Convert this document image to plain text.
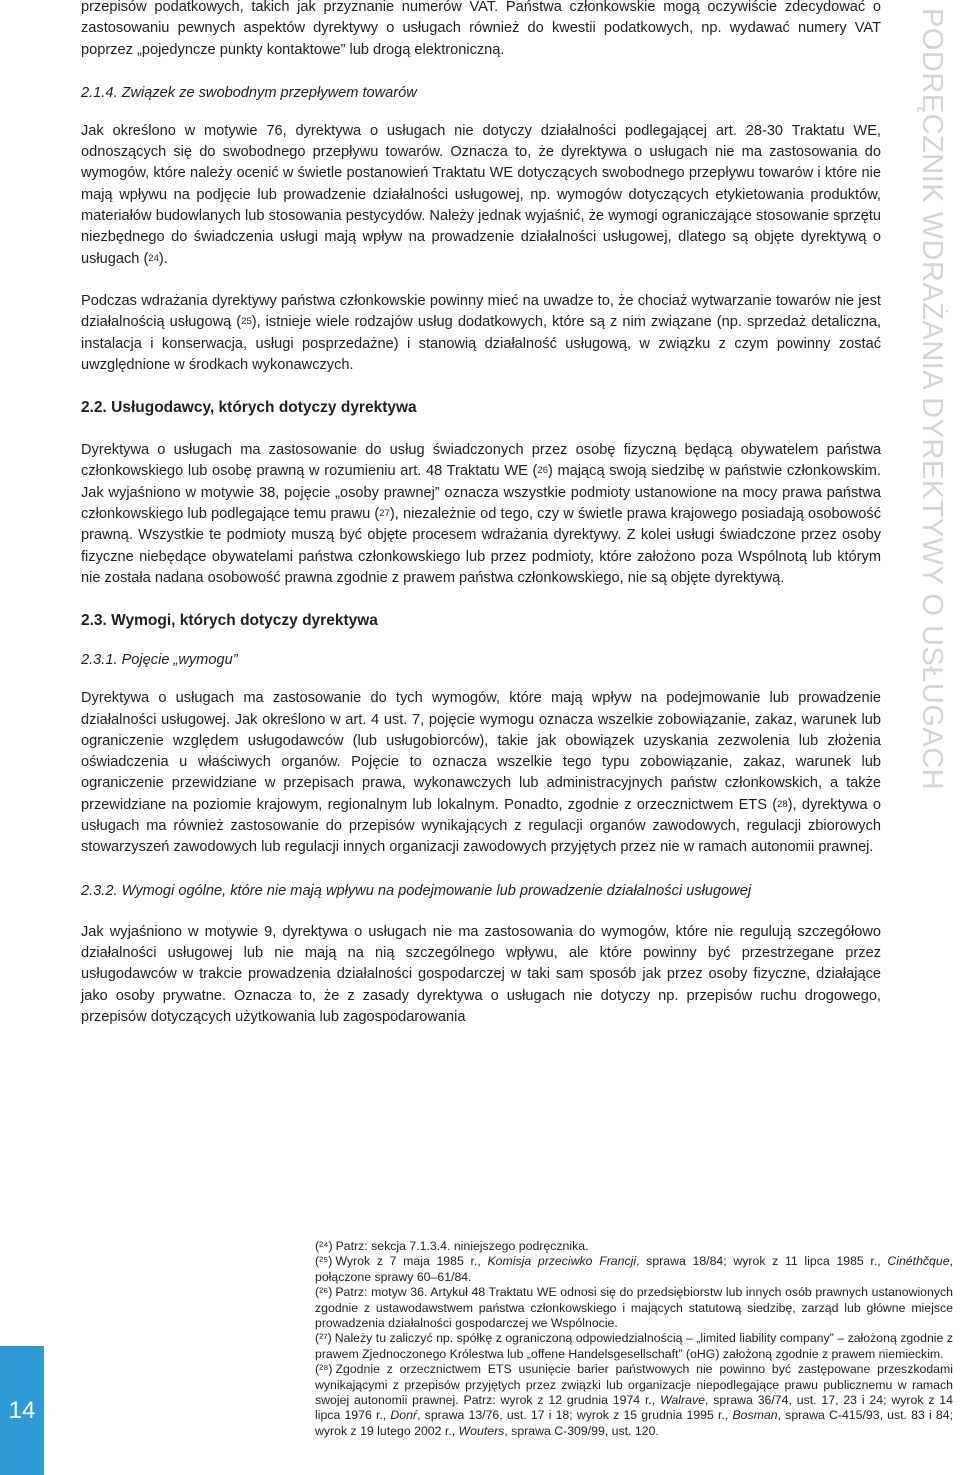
przepisów podatkowych, takich jak przyznanie numerów VAT. Państwa członkowskie mogą oczywiście zdecydować o zastosowaniu pewnych aspektów dyrektywy o usługach również do kwestii podatkowych, np. wydawać numery VAT poprzez „pojedyncze punkty kontaktowe” lub drogą elektroniczną.

2.1.4. Związek ze swobodnym przepływem towarów

Jak określono w motywie 76, dyrektywa o usługach nie dotyczy działalności podlegającej art. 28-30 Traktatu WE, odnoszących się do swobodnego przepływu towarów. Oznacza to, że dyrektywa o usługach nie ma zastosowania do wymogów, które należy ocenić w świetle postanowień Traktatu WE dotyczących swobodnego przepływu towarów i które nie mają wpływu na podjęcie lub prowadzenie działalności usługowej, np. wymogów dotyczących etykietowania produktów, materiałów budowlanych lub stosowania pestycydów. Należy jednak wyjaśnić, że wymogi ograniczające stosowanie sprzętu niezbędnego do świadczenia usługi mają wpływ na prowadzenie działalności usługowej, dlatego są objęte dyrektywą o usługach ($^{24}$).

Podczas wdrażania dyrektywy państwa członkowskie powinny mieć na uwadze to, że chociaż wytwarzanie towarów nie jest działalnością usługową ($^{25}$), istnieje wiele rodzajów usług dodatkowych, które są z nim związane (np. sprzedaż detaliczna, instalacja i konserwacja, usługi posprzedażne) i stanowią działalność usługową, w związku z czym powinny zostać uwzględnione w środkach wykonawczych.

2.2. Usługodawcy, których dotyczy dyrektywa

Dyrektywa o usługach ma zastosowanie do usług świadczonych przez osobę fizyczną będącą obywatelem państwa członkowskiego lub osobę prawną w rozumieniu art. 48 Traktatu WE ($^{26}$) mającą swoją siedzibę w państwie członkowskim. Jak wyjaśniono w motywie 38, pojęcie „osoby prawnej” oznacza wszystkie podmioty ustanowione na mocy prawa państwa członkowskiego lub podlegające temu prawu ($^{27}$), niezależnie od tego, czy w świetle prawa krajowego posiadają osobowość prawną. Wszystkie te podmioty muszą być objęte procesem wdrażania dyrektywy. Z kolei usługi świadczone przez osoby fizyczne niebędące obywatelami państwa członkowskiego lub przez podmioty, które założono poza Wspólnotą lub którym nie została nadana osobowość prawna zgodnie z prawem państwa członkowskiego, nie są objęte dyrektywą.

2.3. Wymogi, których dotyczy dyrektywa

2.3.1. Pojęcie „wymogu”

Dyrektywa o usługach ma zastosowanie do tych wymogów, które mają wpływ na podejmowanie lub prowadzenie działalności usługowej. Jak określono w art. 4 ust. 7, pojęcie wymogu oznacza wszelkie zobowiązanie, zakaz, warunek lub ograniczenie względem usługodawców (lub usługobiorców), takie jak obowiązek uzyskania zezwolenia lub złożenia oświadczenia u właściwych organów. Pojęcie to oznacza wszelkie tego typu zobowiązanie, zakaz, warunek lub ograniczenie przewidziane w przepisach prawa, wykonawczych lub administracyjnych państw członkowskich, a także przewidziane na poziomie krajowym, regionalnym lub lokalnym. Ponadto, zgodnie z orzecznictwem ETS ($^{28}$), dyrektywa o usługach ma również zastosowanie do przepisów wynikających z regulacji organów zawodowych, regulacji zbiorowych stowarzyszeń zawodowych lub regulacji innych organizacji zawodowych przyjętych przez nie w ramach autonomii prawnej.

2.3.2. Wymogi ogólne, które nie mają wpływu na podejmowanie lub prowadzenie działalności usługowej

Jak wyjaśniono w motywie 9, dyrektywa o usługach nie ma zastosowania do wymogów, które nie regulują szczegółowo działalności usługowej lub nie mają na nią szczególnego wpływu, ale które powinny być przestrzegane przez usługodawców w trakcie prowadzenia działalności gospodarczej w taki sam sposób jak przez osoby fizyczne, działające jako osoby prywatne. Oznacza to, że z zasady dyrektywa o usługach nie dotyczy np. przepisów ruchu drogowego, przepisów dotyczących użytkowania lub zagospodarowania

PODRĘCZNIK WDRAŻANIA DYREKTYWY O USŁUGACH
14

(²⁴) Patrz: sekcja 7.1.3.4. niniejszego podręcznika.

(²⁵) Wyrok z 7 maja 1985 r., Komisja przeciwko Francji, sprawa 18/84; wyrok z 11 lipca 1985 r., Cinéthčque, połączone sprawy 60–61/84.

(²⁶) Patrz: motyw 36. Artykuł 48 Traktatu WE odnosi się do przedsiębiorstw lub innych osób prawnych ustanowionych zgodnie z ustawodawstwem państwa członkowskiego i mających statutową siedzibę, zarząd lub główne miejsce prowadzenia działalności gospodarczej we Wspólnocie.

(²⁷) Należy tu zaliczyć np. spółkę z ograniczoną odpowiedzialnością – „limited liability company” – założoną zgodnie z prawem Zjednoczonego Królestwa lub „offene Handelsgesellschaft” (oHG) założoną zgodnie z prawem niemieckim.

(²⁸) Zgodnie z orzecznictwem ETS usunięcie barier państwowych nie powinno być zastępowane przeszkodami wynikającymi z przepisów przyjętych przez związki lub organizacje niepodlegające prawu publicznemu w ramach swojej autonomii prawnej. Patrz: wyrok z 12 grudnia 1974 r., Walrave, sprawa 36/74, ust. 17, 23 i 24; wyrok z 14 lipca 1976 r., Donŕ, sprawa 13/76, ust. 17 i 18; wyrok z 15 grudnia 1995 r., Bosman, sprawa C-415/93, ust. 83 i 84; wyrok z 19 lutego 2002 r., Wouters, sprawa C-309/99, ust. 120.
